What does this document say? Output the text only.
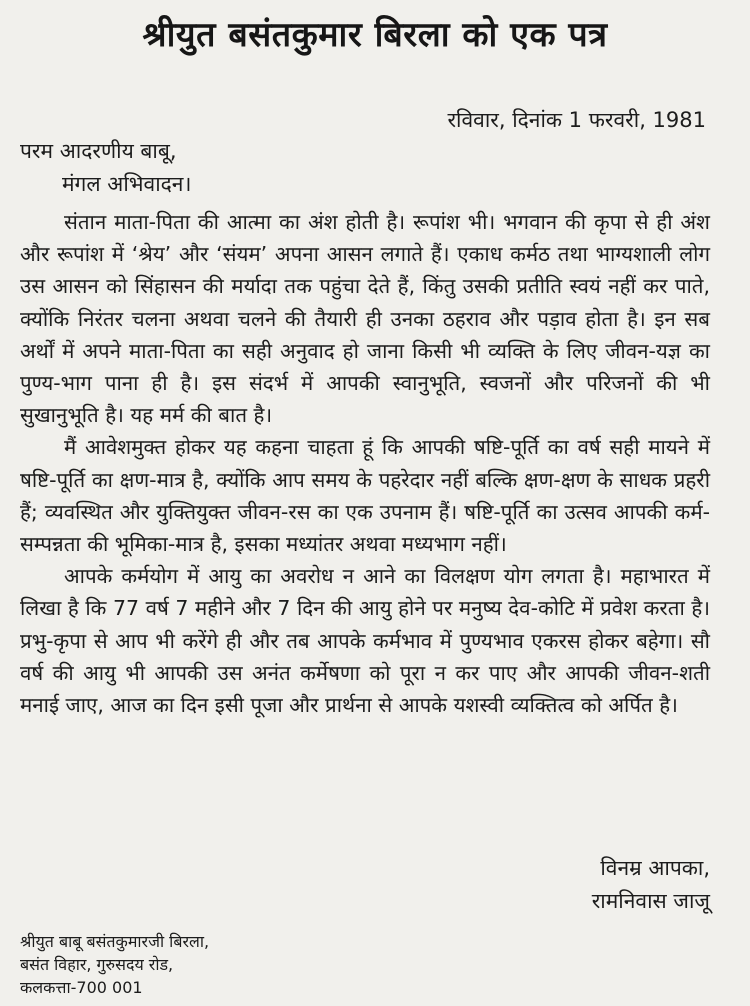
श्रीयुत बसंतकुमार बिरला को एक पत्र
रविवार, दिनांक 1 फरवरी, 1981
परम आदरणीय बाबू,
मंगल अभिवादन।

संतान माता-पिता की आत्मा का अंश होती है। रूपांश भी। भगवान की कृपा से ही अंश और रूपांश में ‘श्रेय’ और ‘संयम’ अपना आसन लगाते हैं। एकाध कर्मठ तथा भाग्यशाली लोग उस आसन को सिंहासन की मर्यादा तक पहुंचा देते हैं, किंतु उसकी प्रतीति स्वयं नहीं कर पाते, क्योंकि निरंतर चलना अथवा चलने की तैयारी ही उनका ठहराव और पड़ाव होता है। इन सब अर्थों में अपने माता-पिता का सही अनुवाद हो जाना किसी भी व्यक्ति के लिए जीवन-यज्ञ का पुण्य-भाग पाना ही है। इस संदर्भ में आपकी स्वानुभूति, स्वजनों और परिजनों की भी सुखानुभूति है। यह मर्म की बात है।

मैं आवेशमुक्त होकर यह कहना चाहता हूं कि आपकी षष्टि-पूर्ति का वर्ष सही मायने में षष्टि-पूर्ति का क्षण-मात्र है, क्योंकि आप समय के पहरेदार नहीं बल्कि क्षण-क्षण के साधक प्रहरी हैं; व्यवस्थित और युक्तियुक्त जीवन-रस का एक उपनाम हैं। षष्टि-पूर्ति का उत्सव आपकी कर्म-सम्पन्नता की भूमिका-मात्र है, इसका मध्यांतर अथवा मध्यभाग नहीं।

आपके कर्मयोग में आयु का अवरोध न आने का विलक्षण योग लगता है। महाभारत में लिखा है कि 77 वर्ष 7 महीने और 7 दिन की आयु होने पर मनुष्य देव-कोटि में प्रवेश करता है। प्रभु-कृपा से आप भी करेंगे ही और तब आपके कर्मभाव में पुण्यभाव एकरस होकर बहेगा। सौ वर्ष की आयु भी आपकी उस अनंत कर्मेषणा को पूरा न कर पाए और आपकी जीवन-शती मनाई जाए, आज का दिन इसी पूजा और प्रार्थना से आपके यशस्वी व्यक्तित्व को अर्पित है।

विनम्र आपका,
रामनिवास जाजू
श्रीयुत बाबू बसंतकुमारजी बिरला,
बसंत विहार, गुरुसदय रोड,
कलकत्ता-700 001
